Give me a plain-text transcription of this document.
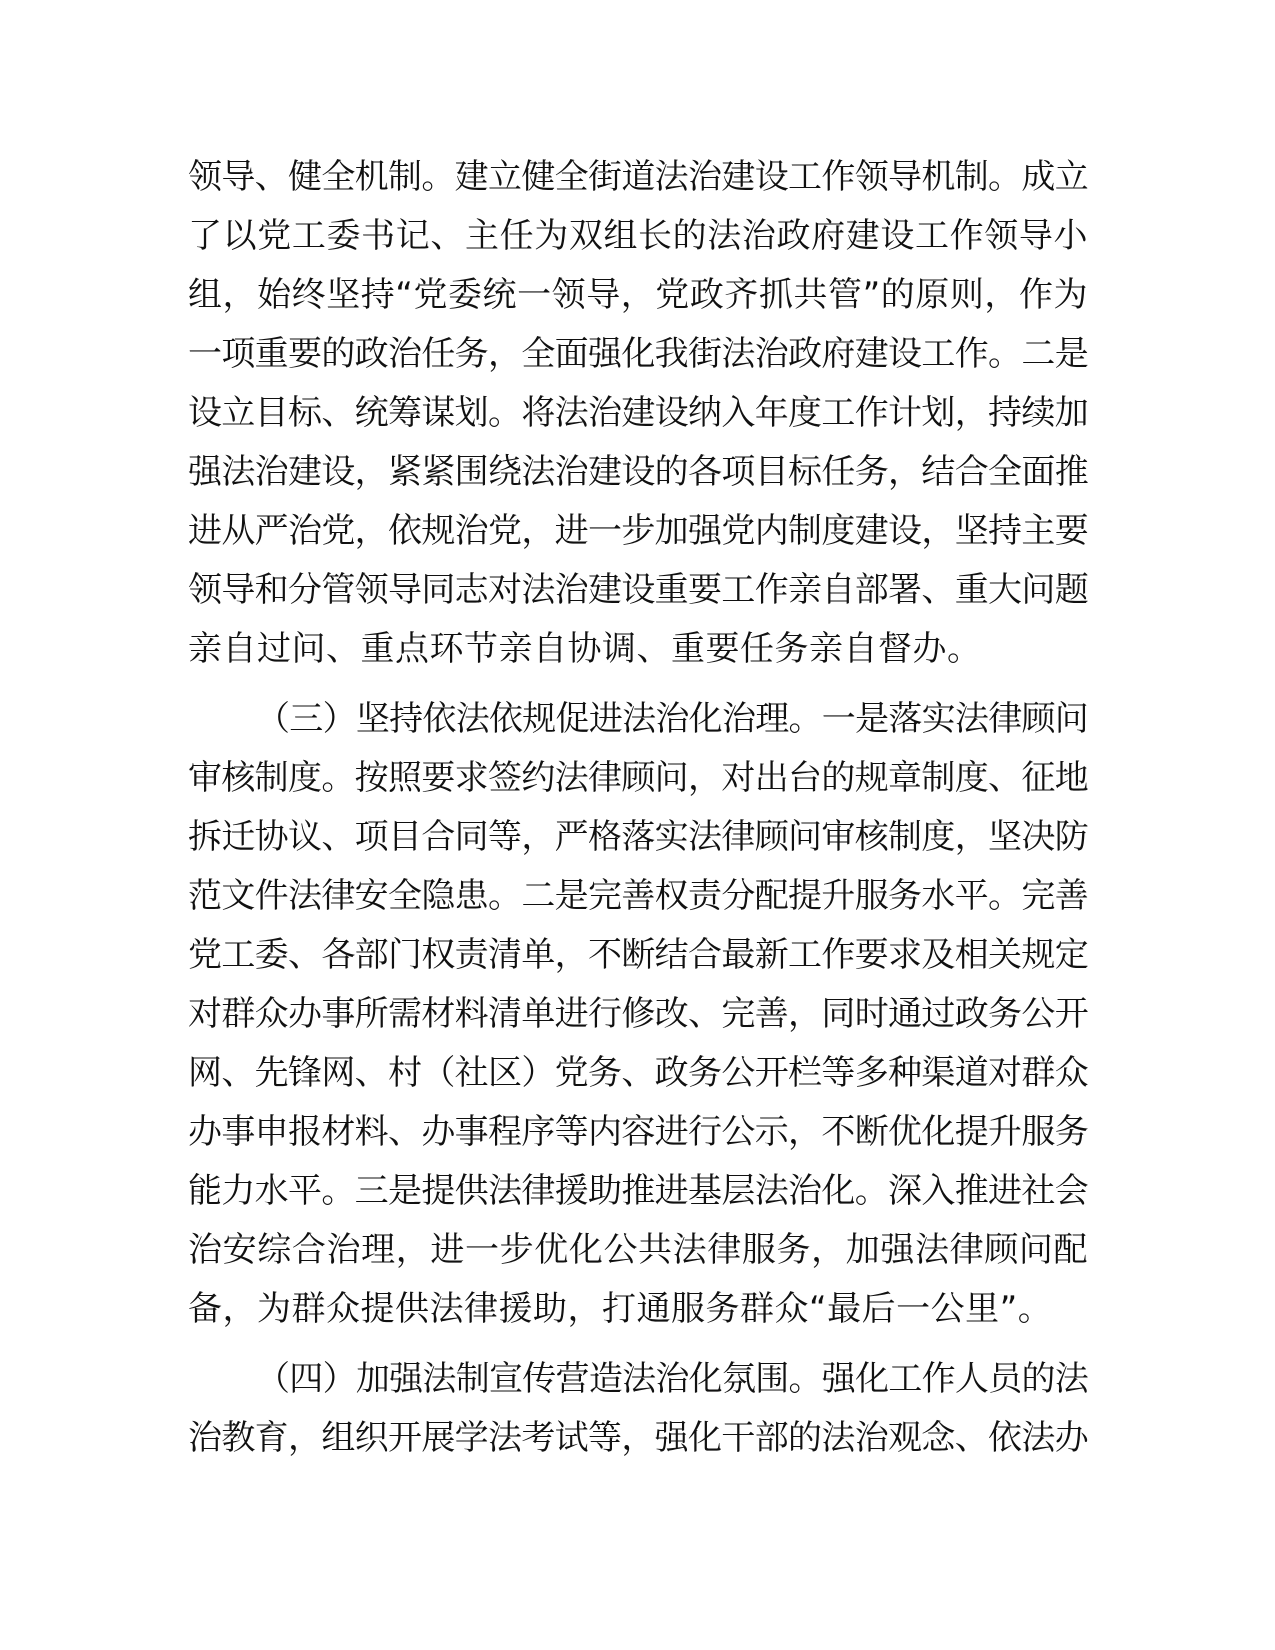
领导、健全机制。建立健全街道法治建设工作领导机制。成立
了以党工委书记、主任为双组长的法治政府建设工作领导小
组，始终坚持“党委统一领导，党政齐抓共管”的原则，作为
一项重要的政治任务，全面强化我街法治政府建设工作。二是
设立目标、统筹谋划。将法治建设纳入年度工作计划，持续加
强法治建设，紧紧围绕法治建设的各项目标任务，结合全面推
进从严治党，依规治党，进一步加强党内制度建设，坚持主要
领导和分管领导同志对法治建设重要工作亲自部署、重大问题
亲自过问、重点环节亲自协调、重要任务亲自督办。
（三）坚持依法依规促进法治化治理。一是落实法律顾问
审核制度。按照要求签约法律顾问，对出台的规章制度、征地
拆迁协议、项目合同等，严格落实法律顾问审核制度，坚决防
范文件法律安全隐患。二是完善权责分配提升服务水平。完善
党工委、各部门权责清单，不断结合最新工作要求及相关规定
对群众办事所需材料清单进行修改、完善，同时通过政务公开
网、先锋网、村（社区）党务、政务公开栏等多种渠道对群众
办事申报材料、办事程序等内容进行公示，不断优化提升服务
能力水平。三是提供法律援助推进基层法治化。深入推进社会
治安综合治理，进一步优化公共法律服务，加强法律顾问配
备，为群众提供法律援助，打通服务群众“最后一公里”。
（四）加强法制宣传营造法治化氛围。强化工作人员的法
治教育，组织开展学法考试等，强化干部的法治观念、依法办
